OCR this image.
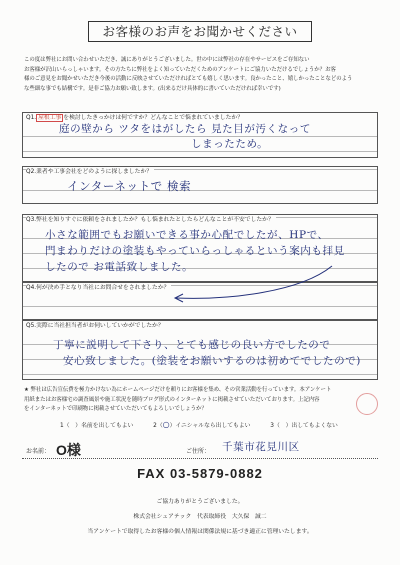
お客様のお声をお聞かせください
この度は弊社にお問い合わせいただき、誠にありがとうございました。世の中には弊社の存在やサービスをご存知ない
お客様が沢山いらっしゃいます。その方たちに弊社をよく知っていただくためのアンケートにご協力いただけるでしょうか？お客
様のご意見をお聞かせいただき今後の活動に反映させていただければとても嬉しく思います。良かったこと、嬉しかったことなどのよう
な些細な事でも結構です。是非ご協力お願い致します。(出来るだけ具体的に書いていただければ幸いです)
Q1. 屋根工事 を検討したきっかけは何ですか？どんなことで悩まれていましたか？
庭の壁から ツタをはがしたら 見た目が汚くなって
しまったため。
Q2.業者や工事会社をどのように探しましたか？
インターネットで 検索
Q3.弊社を知りすぐに依頼をされましたか？もし悩まれたとしたらどんなことが不安でしたか？
小さな範囲でもお願いできる事か心配でしたが、HPで、
門まわりだけの塗装もやっていらっしゃるという案内も拝見
したので お電話致しました。
Q4.何が決め手となり当社にお問合せをされましたか？
Q5.実際に当社担当者がお伺いしていかがでしたか？
丁寧に説明して下さり、とても感じの良い方でしたので
安心致しました。(塗装をお願いするのは初めてでしたので)
★ 弊社は広告宣伝費を極力かけない為にホームページだけを頼りにお客様を集め、その営業活動を行っています。本アンケート
用紙またはお客様宅の調査風景や施工状況を随時ブログ形式のインターネットに掲載させていただいております。上記内容
をインターネットで印刷物に掲載させていただいてもよろしいでしょうか？
1（　）名前を出してもよい	2（○）イニシャルなら出してもよい	3（　）出してもよくない
お名前： O様	ご住所： 千葉市花見川区
FAX 03-5879-0882
ご協力ありがとうございました。
株式会社シェアテック　代表取締役　大久保　誠二
当アンケートで取得したお客様の個人情報は関係法規に基づき適正に管理いたします。
